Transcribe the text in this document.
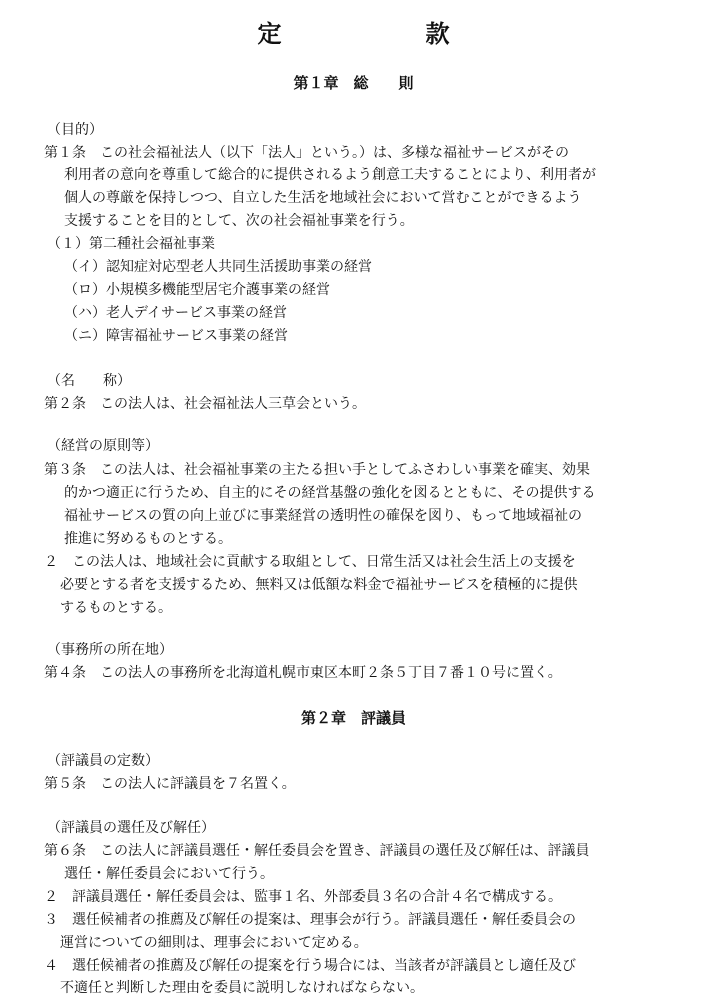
定　款
第１章　総　　則
（目的）
第１条　この社会福祉法人（以下「法人」という。）は、多様な福祉サービスがその
利用者の意向を尊重して総合的に提供されるよう創意工夫することにより、利用者が
個人の尊厳を保持しつつ、自立した生活を地域社会において営むことができるよう
支援することを目的として、次の社会福祉事業を行う。
（１）第二種社会福祉事業
（イ）認知症対応型老人共同生活援助事業の経営
（ロ）小規模多機能型居宅介護事業の経営
（ハ）老人デイサービス事業の経営
（ニ）障害福祉サービス事業の経営
（名　　称）
第２条　この法人は、社会福祉法人三草会という。
（経営の原則等）
第３条　この法人は、社会福祉事業の主たる担い手としてふさわしい事業を確実、効果
的かつ適正に行うため、自主的にその経営基盤の強化を図るとともに、その提供する
福祉サービスの質の向上並びに事業経営の透明性の確保を図り、もって地域福祉の
推進に努めるものとする。
２　この法人は、地域社会に貢献する取組として、日常生活又は社会生活上の支援を
必要とする者を支援するため、無料又は低額な料金で福祉サービスを積極的に提供
するものとする。
（事務所の所在地）
第４条　この法人の事務所を北海道札幌市東区本町２条５丁目７番１０号に置く。
第２章　評議員
（評議員の定数）
第５条　この法人に評議員を７名置く。
（評議員の選任及び解任）
第６条　この法人に評議員選任・解任委員会を置き、評議員の選任及び解任は、評議員
選任・解任委員会において行う。
２　評議員選任・解任委員会は、監事１名、外部委員３名の合計４名で構成する。
３　選任候補者の推薦及び解任の提案は、理事会が行う。評議員選任・解任委員会の
運営についての細則は、理事会において定める。
４　選任候補者の推薦及び解任の提案を行う場合には、当該者が評議員とし適任及び
不適任と判断した理由を委員に説明しなければならない。
